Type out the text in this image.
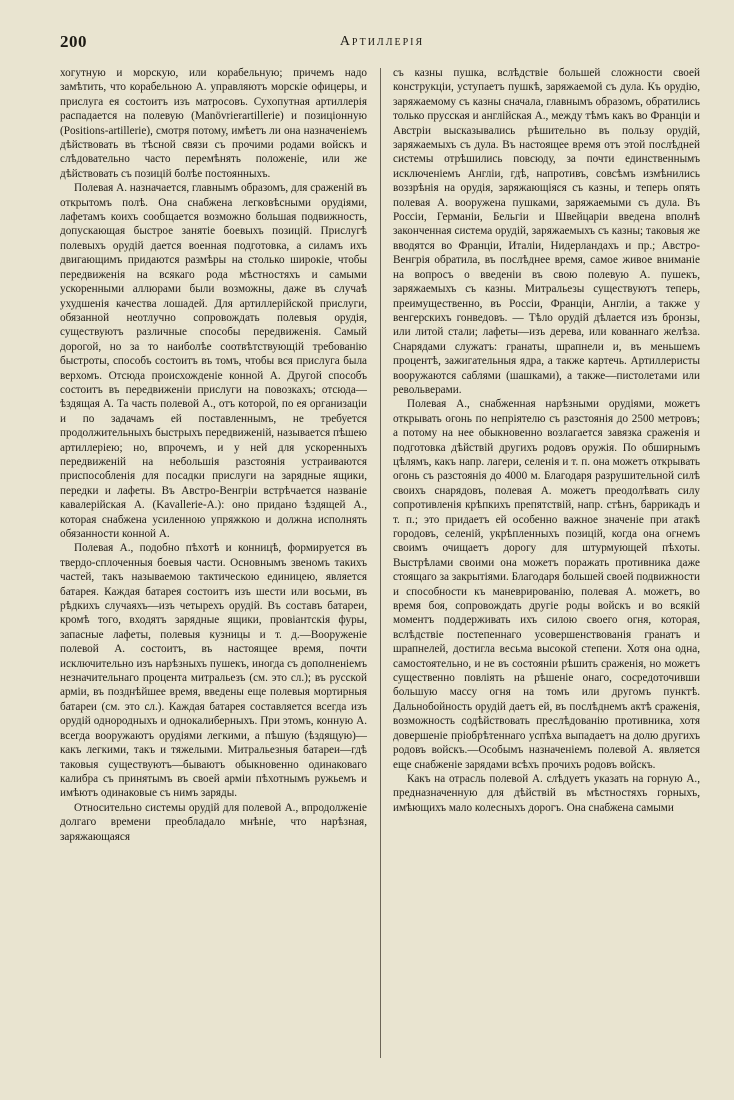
200	Артиллерія

хогутную и морскую, или корабельную; причемъ надо замѣтить, что корабельною А. управляютъ морскіе офицеры, и прислуга ея состоитъ изъ матросовъ. Сухопутная артиллерія распадается на полевую (Manövrierartillerie) и позиціонную (Positions-artillerie), смотря потому, имѣетъ ли она назначеніемъ дѣйствовать въ тѣсной связи съ прочими родами войскъ и слѣдовательно часто перемѣнять положеніе, или же дѣйствовать съ позицій болѣе постоянныхъ.

Полевая А. назначается, главнымъ образомъ, для сраженій въ открытомъ полѣ. Она снабжена легковѣсными орудіями, лафетамъ коихъ сообщается возможно большая подвижность, допускающая быстрое занятіе боевыхъ позицій. Прислугѣ полевыхъ орудій дается военная подготовка, а силамъ ихъ двигающимъ придаются размѣры на столько широкіе, чтобы передвиженія на всякаго рода мѣстностяхъ и самыми ускоренными аллюрами были возможны, даже въ случаѣ ухудшенія качества лошадей. Для артиллерійской прислуги, обязанной неотлучно сопровождать полевыя орудія, существуютъ различные способы передвиженія. Самый дорогой, но за то наиболѣе соотвѣтствующій требованію быстроты, способъ состоитъ въ томъ, чтобы вся прислуга была верхомъ. Отсюда происхожденіе конной А. Другой способъ состоитъ въ передвиженіи прислуги на повозкахъ; отсюда—ѣздящая А. Та часть полевой А., отъ которой, по ея организаціи и по задачамъ ей поставленнымъ, не требуется продолжительныхъ быстрыхъ передвиженій, называется пѣшею артиллеріею; но, впрочемъ, и у ней для ускоренныхъ передвиженій на небольшія разстоянія устраиваются приспособленія для посадки прислуги на зарядные ящики, передки и лафеты. Въ Австро-Венгріи встрѣчается названіе кавалерійская А. (Kavallerie-A.): оно придано ѣздящей А., которая снабжена усиленною упряжкою и должна исполнять обязанности конной А.

Полевая А., подобно пѣхотѣ и конницѣ, формируется въ твердо-сплоченныя боевыя части. Основнымъ звеномъ такихъ частей, такъ называемою тактическою единицею, является батарея. Каждая батарея состоитъ изъ шести или восьми, въ рѣдкихъ случаяхъ—изъ четырехъ орудій. Въ составъ батареи, кромѣ того, входятъ зарядные ящики, провіантскія фуры, запасные лафеты, полевыя кузницы и т. д.—Вооруженіе полевой А. состоитъ, въ настоящее время, почти исключительно изъ нарѣзныхъ пушекъ, иногда съ дополненіемъ незначительнаго процента митральезъ (см. это сл.); въ русской арміи, въ позднѣйшее время, введены еще полевыя мортирныя батареи (см. это сл.). Каждая батарея составляется всегда изъ орудій однородныхъ и однокалиберныхъ. При этомъ, конную А. всегда вооружаютъ орудіями легкими, а пѣшую (ѣздящую)—какъ легкими, такъ и тяжелыми. Митральезныя батареи—гдѣ таковыя существуютъ—бываютъ обыкновенно одинаковаго калибра съ принятымъ въ своей арміи пѣхотнымъ ружьемъ и имѣютъ одинаковые съ нимъ заряды.

Относительно системы орудій для полевой А., впродолженіе долгаго времени преобладало мнѣніе, что нарѣзная, заряжающаяся

съ казны пушка, вслѣдствіе большей сложности своей конструкціи, уступаетъ пушкѣ, заряжаемой съ дула. Къ орудію, заряжаемому съ казны сначала, главнымъ образомъ, обратились только прусская и англійская А., между тѣмъ какъ во Франціи и Австріи высказывались рѣшительно въ пользу орудій, заряжаемыхъ съ дула. Въ настоящее время отъ этой послѣдней системы отрѣшились повсюду, за почти единственнымъ исключеніемъ Англіи, гдѣ, напротивъ, совсѣмъ измѣнились воззрѣнія на орудія, заряжающіяся съ казны, и теперь опять полевая А. вооружена пушками, заряжаемыми съ дула. Въ Россіи, Германіи, Бельгіи и Швейцаріи введена вполнѣ законченная система орудій, заряжаемыхъ съ казны; таковыя же вводятся во Франціи, Италіи, Нидерландахъ и пр.; Австро-Венгрія обратила, въ послѣднее время, самое живое вниманіе на вопросъ о введеніи въ свою полевую А. пушекъ, заряжаемыхъ съ казны. Митральезы существуютъ теперь, преимущественно, въ Россіи, Франціи, Англіи, а также у венгерскихъ гонведовъ. — Тѣло орудій дѣлается изъ бронзы, или литой стали; лафеты—изъ дерева, или кованнаго желѣза. Снарядами служатъ: гранаты, шрапнели и, въ меньшемъ процентѣ, зажигательныя ядра, а также картечь. Артиллеристы вооружаются саблями (шашками), а также—пистолетами или револьверами.

Полевая А., снабженная нарѣзными орудіями, можетъ открывать огонь по непріятелю съ разстоянія до 2500 метровъ; а потому на нее обыкновенно возлагается завязка сраженія и подготовка дѣйствій другихъ родовъ оружія. По обширнымъ цѣлямъ, какъ напр. лагери, селенія и т. п. она можетъ открывать огонь съ разстоянія до 4000 м. Благодаря разрушительной силѣ своихъ снарядовъ, полевая А. можетъ преодолѣвать силу сопротивленія крѣпкихъ препятствій, напр. стѣнъ, баррикадъ и т. п.; это придаетъ ей особенно важное значеніе при атакѣ городовъ, селеній, укрѣпленныхъ позицій, когда она огнемъ своимъ очищаетъ дорогу для штурмующей пѣхоты. Выстрѣлами своими она можетъ поражать противника даже стоящаго за закрытіями. Благодаря большей своей подвижности и способности къ маневрированію, полевая А. можетъ, во время боя, сопровождать другіе роды войскъ и во всякій моментъ поддерживать ихъ силою своего огня, которая, вслѣдствіе постепеннаго усовершенствованія гранатъ и шрапнелей, достигла весьма высокой степени. Хотя она одна, самостоятельно, и не въ состояніи рѣшить сраженія, но можетъ существенно повліять на рѣшеніе онаго, сосредоточивши большую массу огня на томъ или другомъ пунктѣ. Дальнобойность орудій даетъ ей, въ послѣднемъ актѣ сраженія, возможность содѣйствовать преслѣдованію противника, хотя довершеніе пріобрѣтеннаго успѣха выпадаетъ на долю другихъ родовъ войскъ.—Особымъ назначеніемъ полевой А. является еще снабженіе зарядами всѣхъ прочихъ родовъ войскъ.

Какъ на отрасль полевой А. слѣдуетъ указать на горную А., предназначенную для дѣйствій въ мѣстностяхъ горныхъ, имѣющихъ мало колесныхъ дорогъ. Она снабжена самыми
